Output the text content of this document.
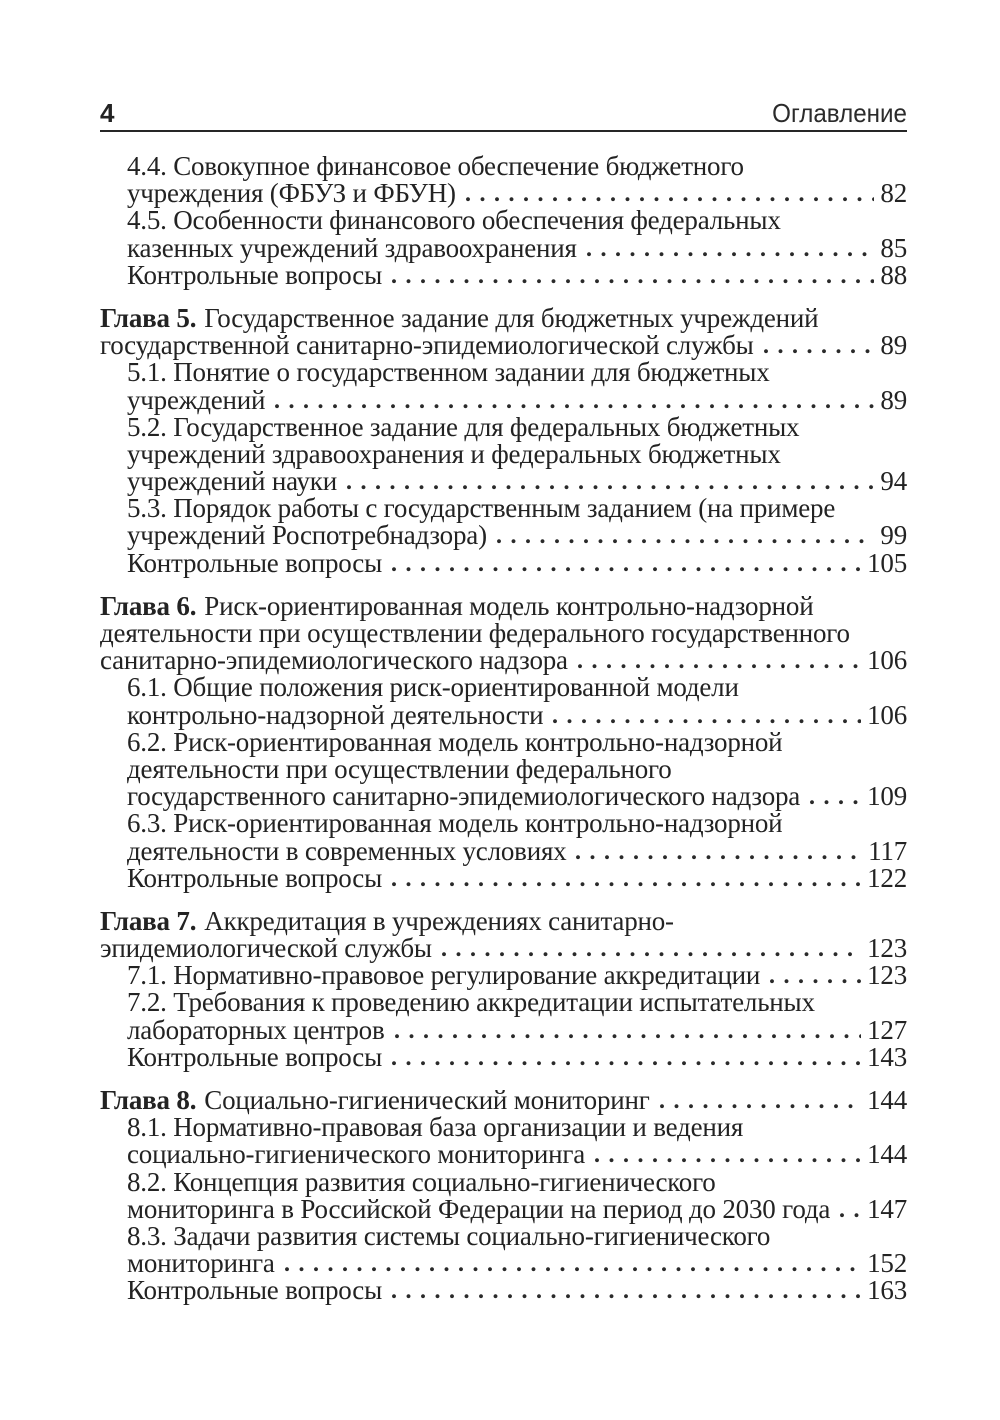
4	Оглавление
4.4. Совокупное финансовое обеспечение бюджетного
учреждения (ФБУЗ и ФБУН)	82
4.5. Особенности финансового обеспечения федеральных
казенных учреждений здравоохранения	85
Контрольные вопросы	88
Глава 5. Государственное задание для бюджетных учреждений
государственной санитарно-эпидемиологической службы	89
5.1. Понятие о государственном задании для бюджетных
учреждений	89
5.2. Государственное задание для федеральных бюджетных
учреждений здравоохранения и федеральных бюджетных
учреждений науки	94
5.3. Порядок работы с государственным заданием (на примере
учреждений Роспотребнадзора)	99
Контрольные вопросы	105
Глава 6. Риск-ориентированная модель контрольно-надзорной
деятельности при осуществлении федерального государственного
санитарно-эпидемиологического надзора	106
6.1. Общие положения риск-ориентированной модели
контрольно-надзорной деятельности	106
6.2. Риск-ориентированная модель контрольно-надзорной
деятельности при осуществлении федерального
государственного санитарно-эпидемиологического надзора 109
6.3. Риск-ориентированная модель контрольно-надзорной
деятельности в современных условиях	117
Контрольные вопросы	122
Глава 7. Аккредитация в учреждениях санитарно-
эпидемиологической службы	123
7.1. Нормативно-правовое регулирование аккредитации	123
7.2. Требования к проведению аккредитации испытательных
лабораторных центров	127
Контрольные вопросы	143
Глава 8. Социально-гигиенический мониторинг	144
8.1. Нормативно-правовая база организации и ведения
социально-гигиенического мониторинга	144
8.2. Концепция развития социально-гигиенического
мониторинга в Российской Федерации на период до 2030 года 147
8.3. Задачи развития системы социально-гигиенического
мониторинга	152
Контрольные вопросы	163
